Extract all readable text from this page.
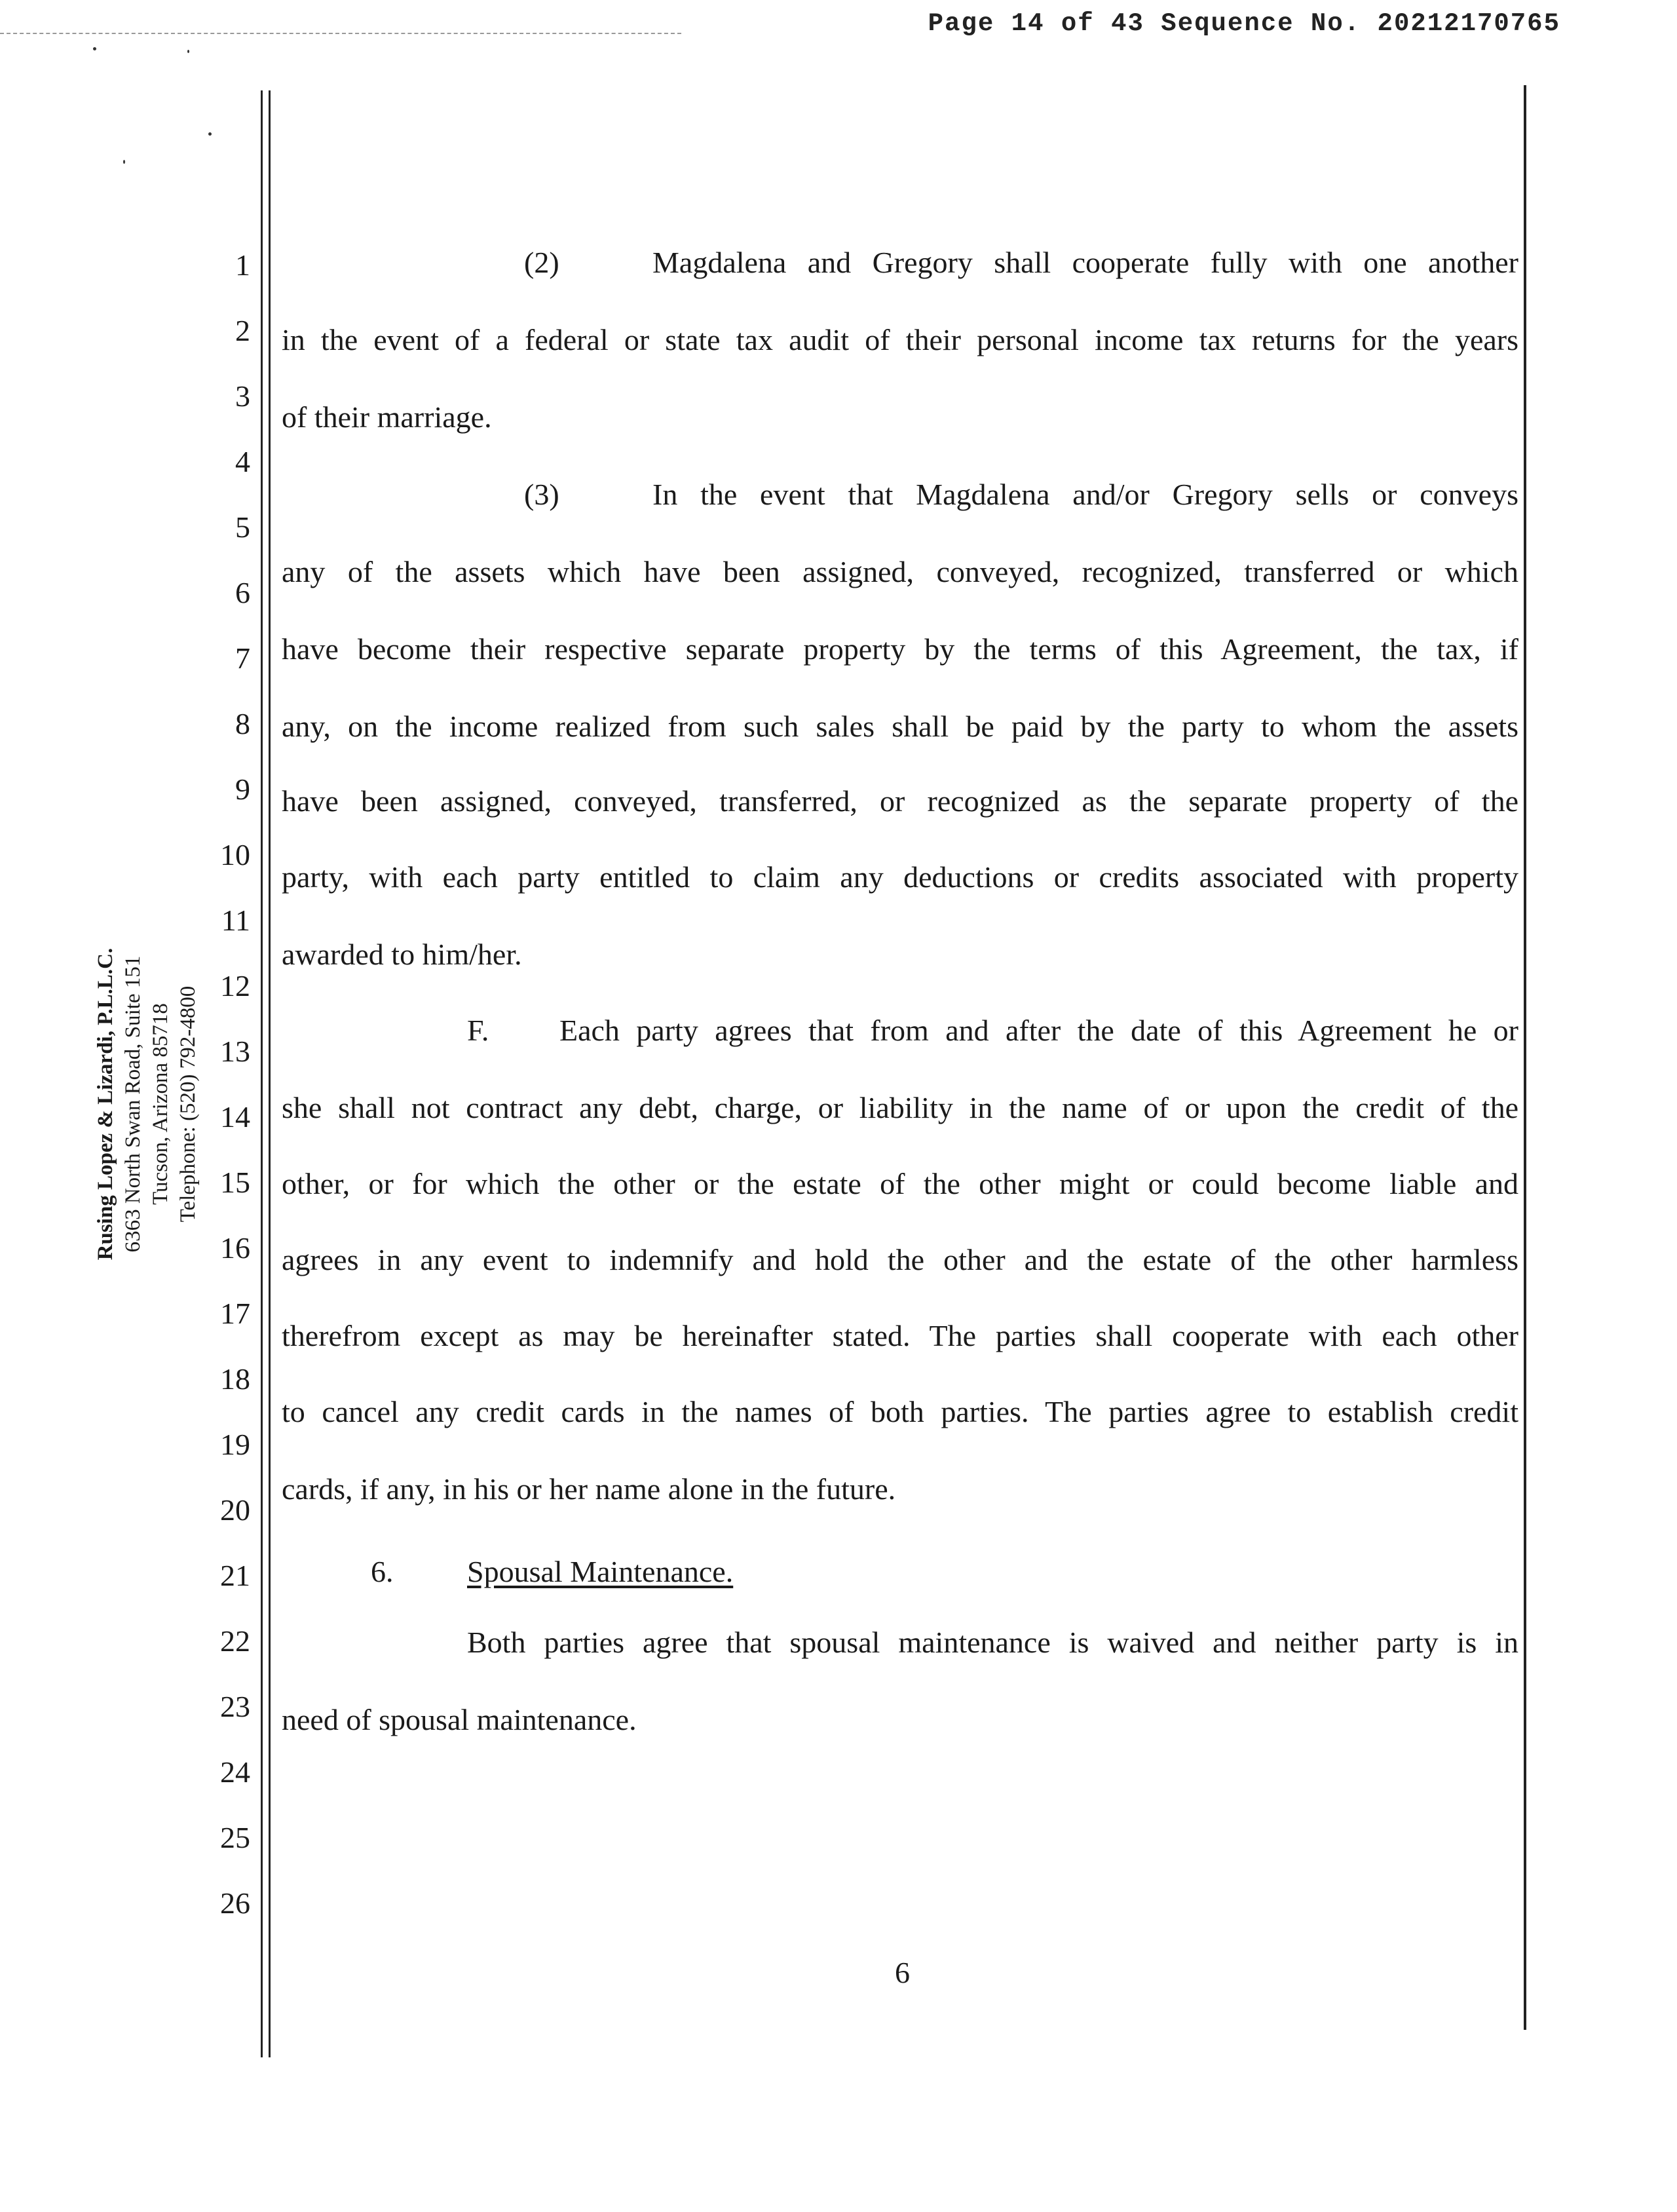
Page 14 of 43 Sequence No. 20212170765
Rusing Lopez & Lizardi, P.L.L.C. 6363 North Swan Road, Suite 151 Tucson, Arizona 85718 Telephone: (520) 792-4800
1
2
3
4
5
6
7
8
9
10
11
12
13
14
15
16
17
18
19
20
21
22
23
24
25
26
(2)	Magdalena and Gregory shall cooperate fully with one another
in the event of a federal or state tax audit of their personal income tax returns for the years
of their marriage.
(3)	In the event that Magdalena and/or Gregory sells or conveys
any of the assets which have been assigned, conveyed, recognized, transferred or which
have become their respective separate property by the terms of this Agreement, the tax, if
any, on the income realized from such sales shall be paid by the party to whom the assets
have been assigned, conveyed, transferred, or recognized as the separate property of the
party, with each party entitled to claim any deductions or credits associated with property
awarded to him/her.
F.	Each party agrees that from and after the date of this Agreement he or
she shall not contract any debt, charge, or liability in the name of or upon the credit of the
other, or for which the other or the estate of the other might or could become liable and
agrees in any event to indemnify and hold the other and the estate of the other harmless
therefrom except as may be hereinafter stated. The parties shall cooperate with each other
to cancel any credit cards in the names of both parties. The parties agree to establish credit
cards, if any, in his or her name alone in the future.
6.	Spousal Maintenance.
Both parties agree that spousal maintenance is waived and neither party is in
need of spousal maintenance.
6
